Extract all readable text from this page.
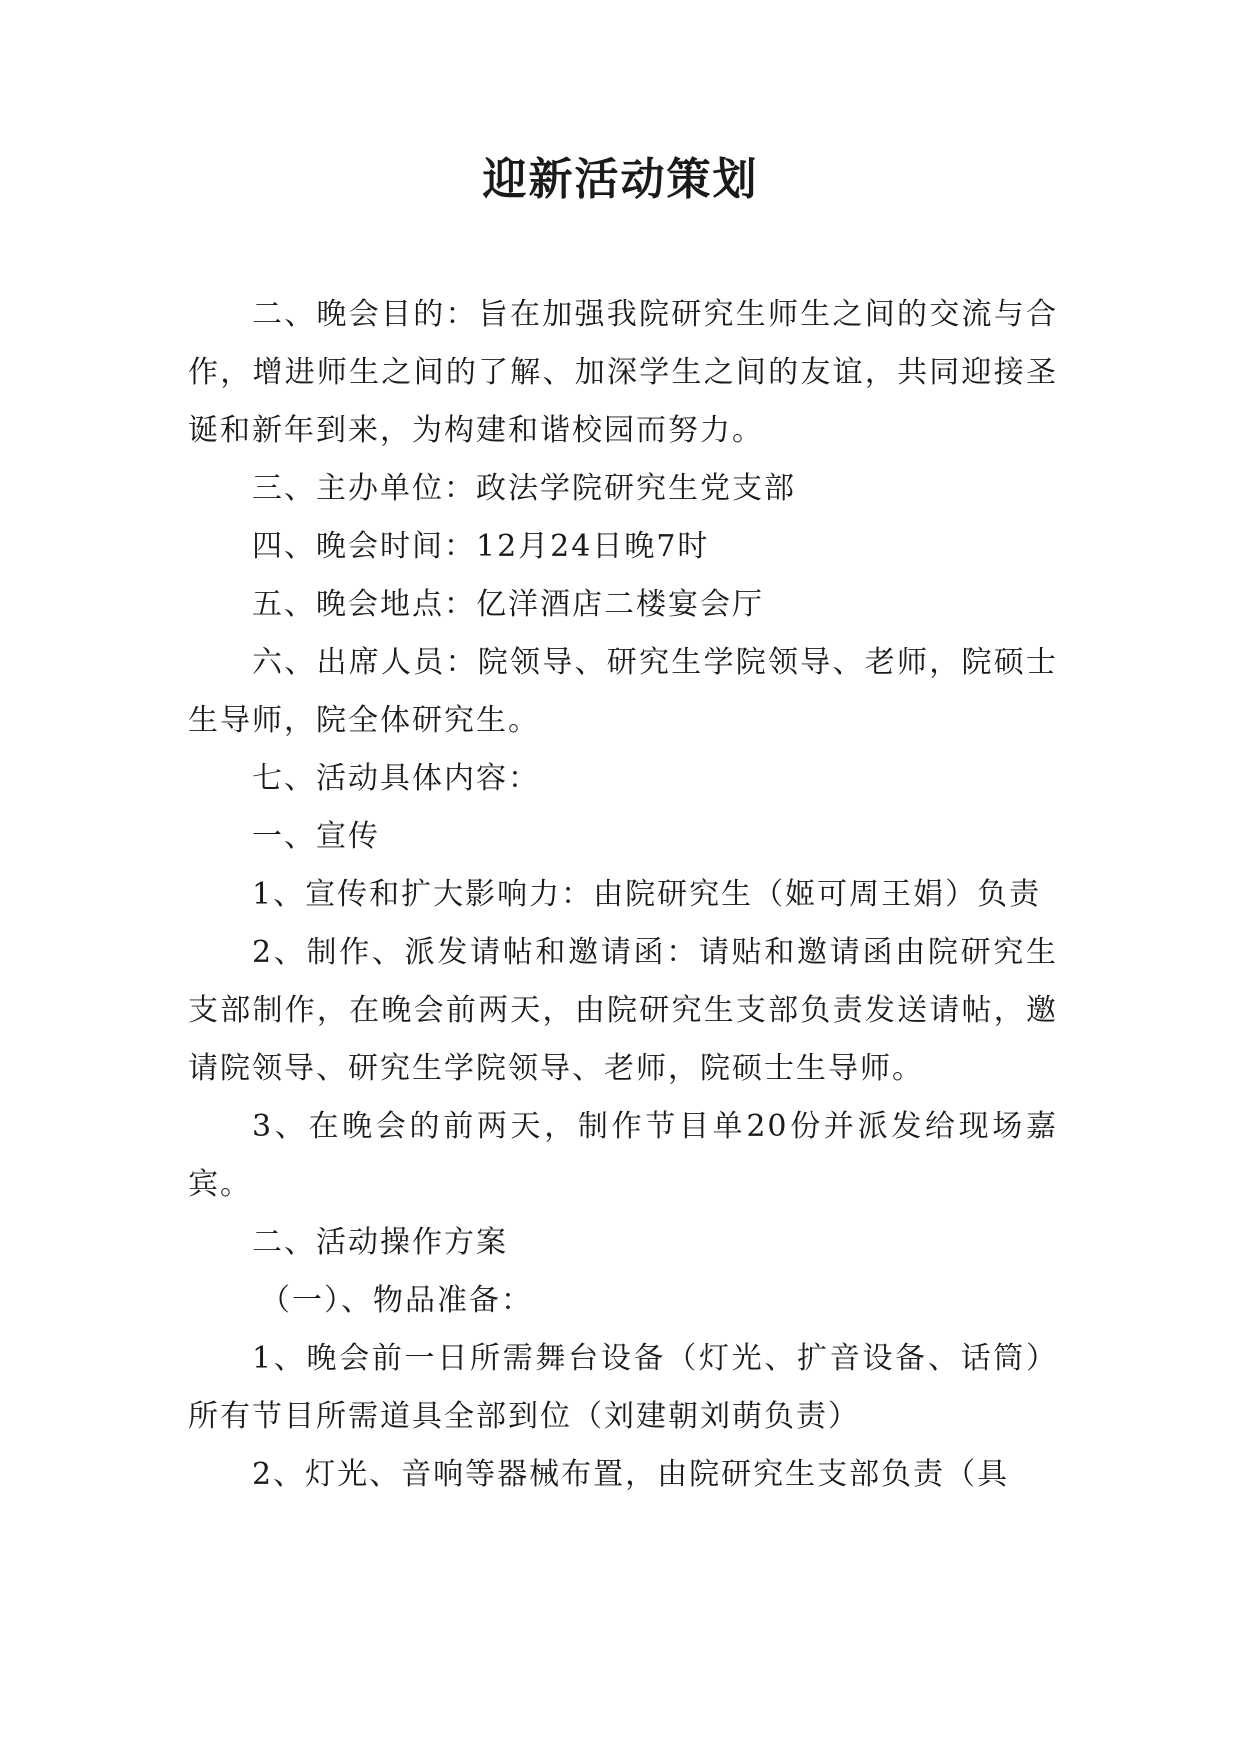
迎新活动策划

二、晚会目的：旨在加强我院研究生师生之间的交流与合作，增进师生之间的了解、加深学生之间的友谊，共同迎接圣诞和新年到来，为构建和谐校园而努力。

三、主办单位：政法学院研究生党支部

四、晚会时间：12月24日晚7时

五、晚会地点：亿洋酒店二楼宴会厅

六、出席人员：院领导、研究生学院领导、老师，院硕士生导师，院全体研究生。

七、活动具体内容：

一、宣传

1、宣传和扩大影响力：由院研究生（姬可周王娟）负责

2、制作、派发请帖和邀请函：请贴和邀请函由院研究生支部制作，在晚会前两天，由院研究生支部负责发送请帖，邀请院领导、研究生学院领导、老师，院硕士生导师。

3、在晚会的前两天，制作节目单20份并派发给现场嘉宾。

二、活动操作方案

（一）、物品准备：

1、晚会前一日所需舞台设备（灯光、扩音设备、话筒）所有节目所需道具全部到位（刘建朝刘萌负责）

2、灯光、音响等器械布置，由院研究生支部负责（具
